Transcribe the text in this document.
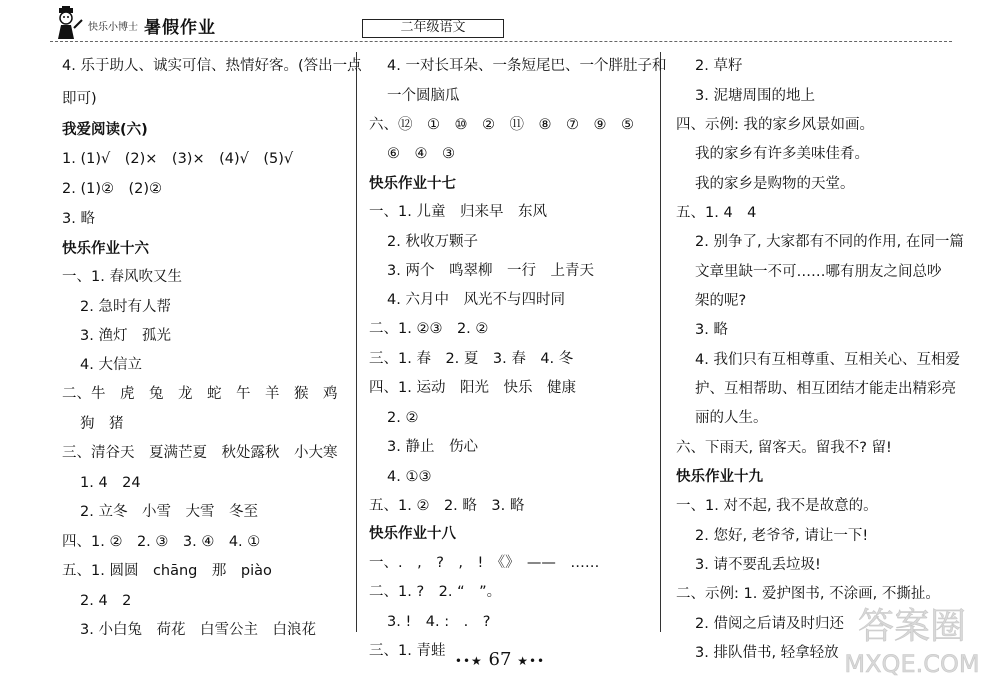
快乐小博士 暑假作业	二年级语文
4. 乐于助人、诚实可信、热情好客。(答出一点
即可)
我爱阅读(六)
1. (1)√　(2)×　(3)×　(4)√　(5)√
2. (1)②　(2)②
3. 略
快乐作业十六
一、1. 春风吹又生
2. 急时有人帮
3. 渔灯　孤光
4. 大信立
二、牛　虎　兔　龙　蛇　午　羊　猴　鸡
狗　猪
三、清谷天　夏满芒夏　秋处露秋　小大寒
1. 4　24
2. 立冬　小雪　大雪　冬至
四、1. ②　2. ③　3. ④　4. ①
五、1. 圆圆　chāng　那　piào
2. 4　2
3. 小白兔　荷花　白雪公主　白浪花
4. 一对长耳朵、一条短尾巴、一个胖肚子和
一个圆脑瓜
六、⑫　①　⑩　②　⑪　⑧　⑦　⑨　⑤
⑥　④　③
快乐作业十七
一、1. 儿童　归来早　东风
2. 秋收万颗子
3. 两个　鸣翠柳　一行　上青天
4. 六月中　风光不与四时同
二、1. ②③　2. ②
三、1. 春　2. 夏　3. 春　4. 冬
四、1. 运动　阳光　快乐　健康
2. ②
3. 静止　伤心
4. ①③
五、1. ②　2. 略　3. 略
快乐作业十八
一、.　,　?　,　!　《》　——　……
二、1. ?　2. “　”。
3. !　4. :　.　?
三、1. 青蛙
2. 草籽
3. 泥塘周围的地上
四、示例: 我的家乡风景如画。
我的家乡有许多美味佳肴。
我的家乡是购物的天堂。
五、1. 4　4
2. 别争了, 大家都有不同的作用, 在同一篇
文章里缺一不可……哪有朋友之间总吵
架的呢?
3. 略
4. 我们只有互相尊重、互相关心、互相爱
护、互相帮助、相互团结才能走出精彩亮
丽的人生。
六、下雨天, 留客天。留我不? 留!
快乐作业十九
一、1. 对不起, 我不是故意的。
2. 您好, 老爷爷, 请让一下!
3. 请不要乱丢垃圾!
二、示例: 1. 爱护图书, 不涂画, 不撕扯。
2. 借阅之后请及时归还
3. 排队借书, 轻拿轻放
••★ 67 ★••
答案圈
MXQE.COM
